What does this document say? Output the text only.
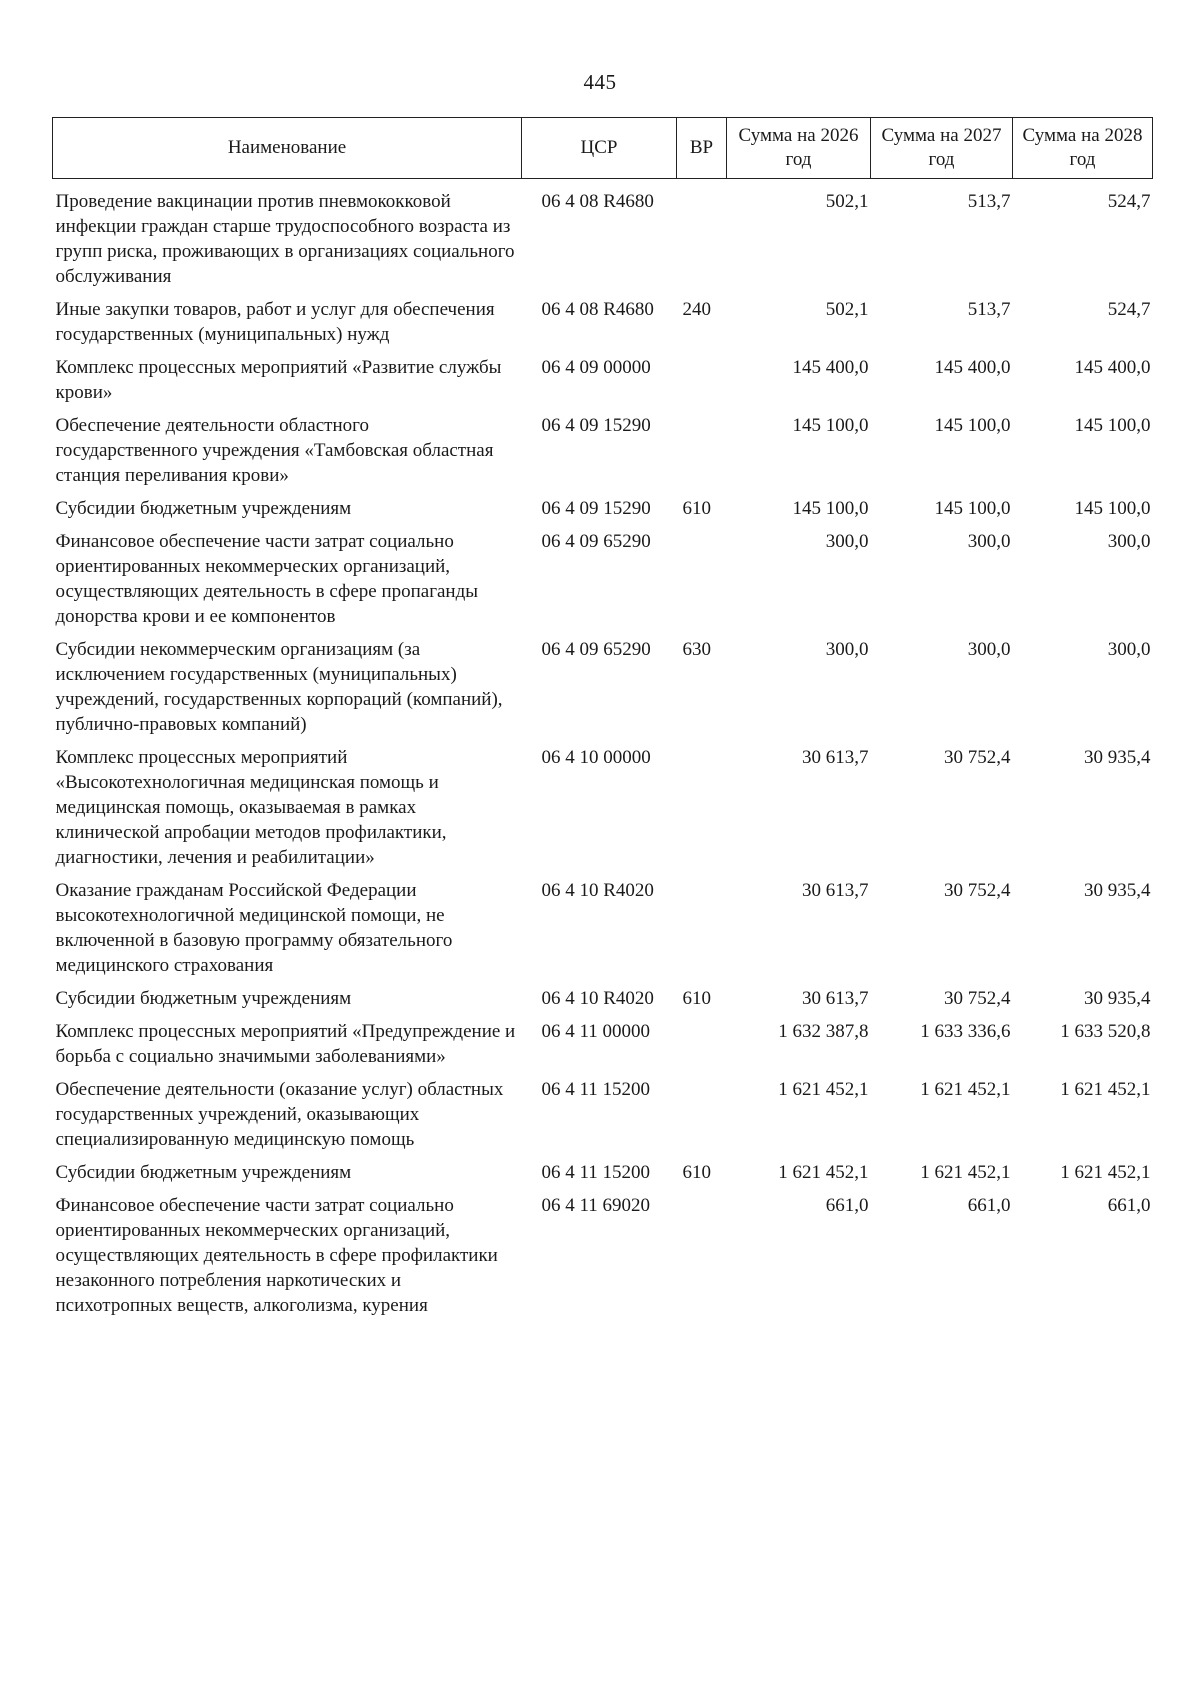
445
Наименование	ЦСР	ВР	Сумма на 2026 год	Сумма на 2027 год	Сумма на 2028 год
Проведение вакцинации против пневмококковой инфекции граждан старше трудоспособного возраста из групп риска, проживающих в организациях социального обслуживания	06 4 08 R4680		502,1	513,7	524,7
Иные закупки товаров, работ и услуг для обеспечения государственных (муниципальных) нужд	06 4 08 R4680	240	502,1	513,7	524,7
Комплекс процессных мероприятий «Развитие службы крови»	06 4 09 00000		145 400,0	145 400,0	145 400,0
Обеспечение деятельности областного государственного учреждения «Тамбовская областная станция переливания крови»	06 4 09 15290		145 100,0	145 100,0	145 100,0
Субсидии бюджетным учреждениям	06 4 09 15290	610	145 100,0	145 100,0	145 100,0
Финансовое обеспечение части затрат социально ориентированных некоммерческих организаций, осуществляющих деятельность в сфере пропаганды донорства крови и ее компонентов	06 4 09 65290		300,0	300,0	300,0
Субсидии некоммерческим организациям (за исключением государственных (муниципальных) учреждений, государственных корпораций (компаний), публично-правовых компаний)	06 4 09 65290	630	300,0	300,0	300,0
Комплекс процессных мероприятий «Высокотехнологичная медицинская помощь и медицинская помощь, оказываемая в рамках клинической апробации методов профилактики, диагностики, лечения и реабилитации»	06 4 10 00000		30 613,7	30 752,4	30 935,4
Оказание гражданам Российской Федерации высокотехнологичной медицинской помощи, не включенной в базовую программу обязательного медицинского страхования	06 4 10 R4020		30 613,7	30 752,4	30 935,4
Субсидии бюджетным учреждениям	06 4 10 R4020	610	30 613,7	30 752,4	30 935,4
Комплекс процессных мероприятий «Предупреждение и борьба с социально значимыми заболеваниями»	06 4 11 00000		1 632 387,8	1 633 336,6	1 633 520,8
Обеспечение деятельности (оказание услуг) областных государственных учреждений, оказывающих специализированную медицинскую помощь	06 4 11 15200		1 621 452,1	1 621 452,1	1 621 452,1
Субсидии бюджетным учреждениям	06 4 11 15200	610	1 621 452,1	1 621 452,1	1 621 452,1
Финансовое обеспечение части затрат социально ориентированных некоммерческих организаций, осуществляющих деятельность в сфере профилактики незаконного потребления наркотических и психотропных веществ, алкоголизма, курения	06 4 11 69020		661,0	661,0	661,0
